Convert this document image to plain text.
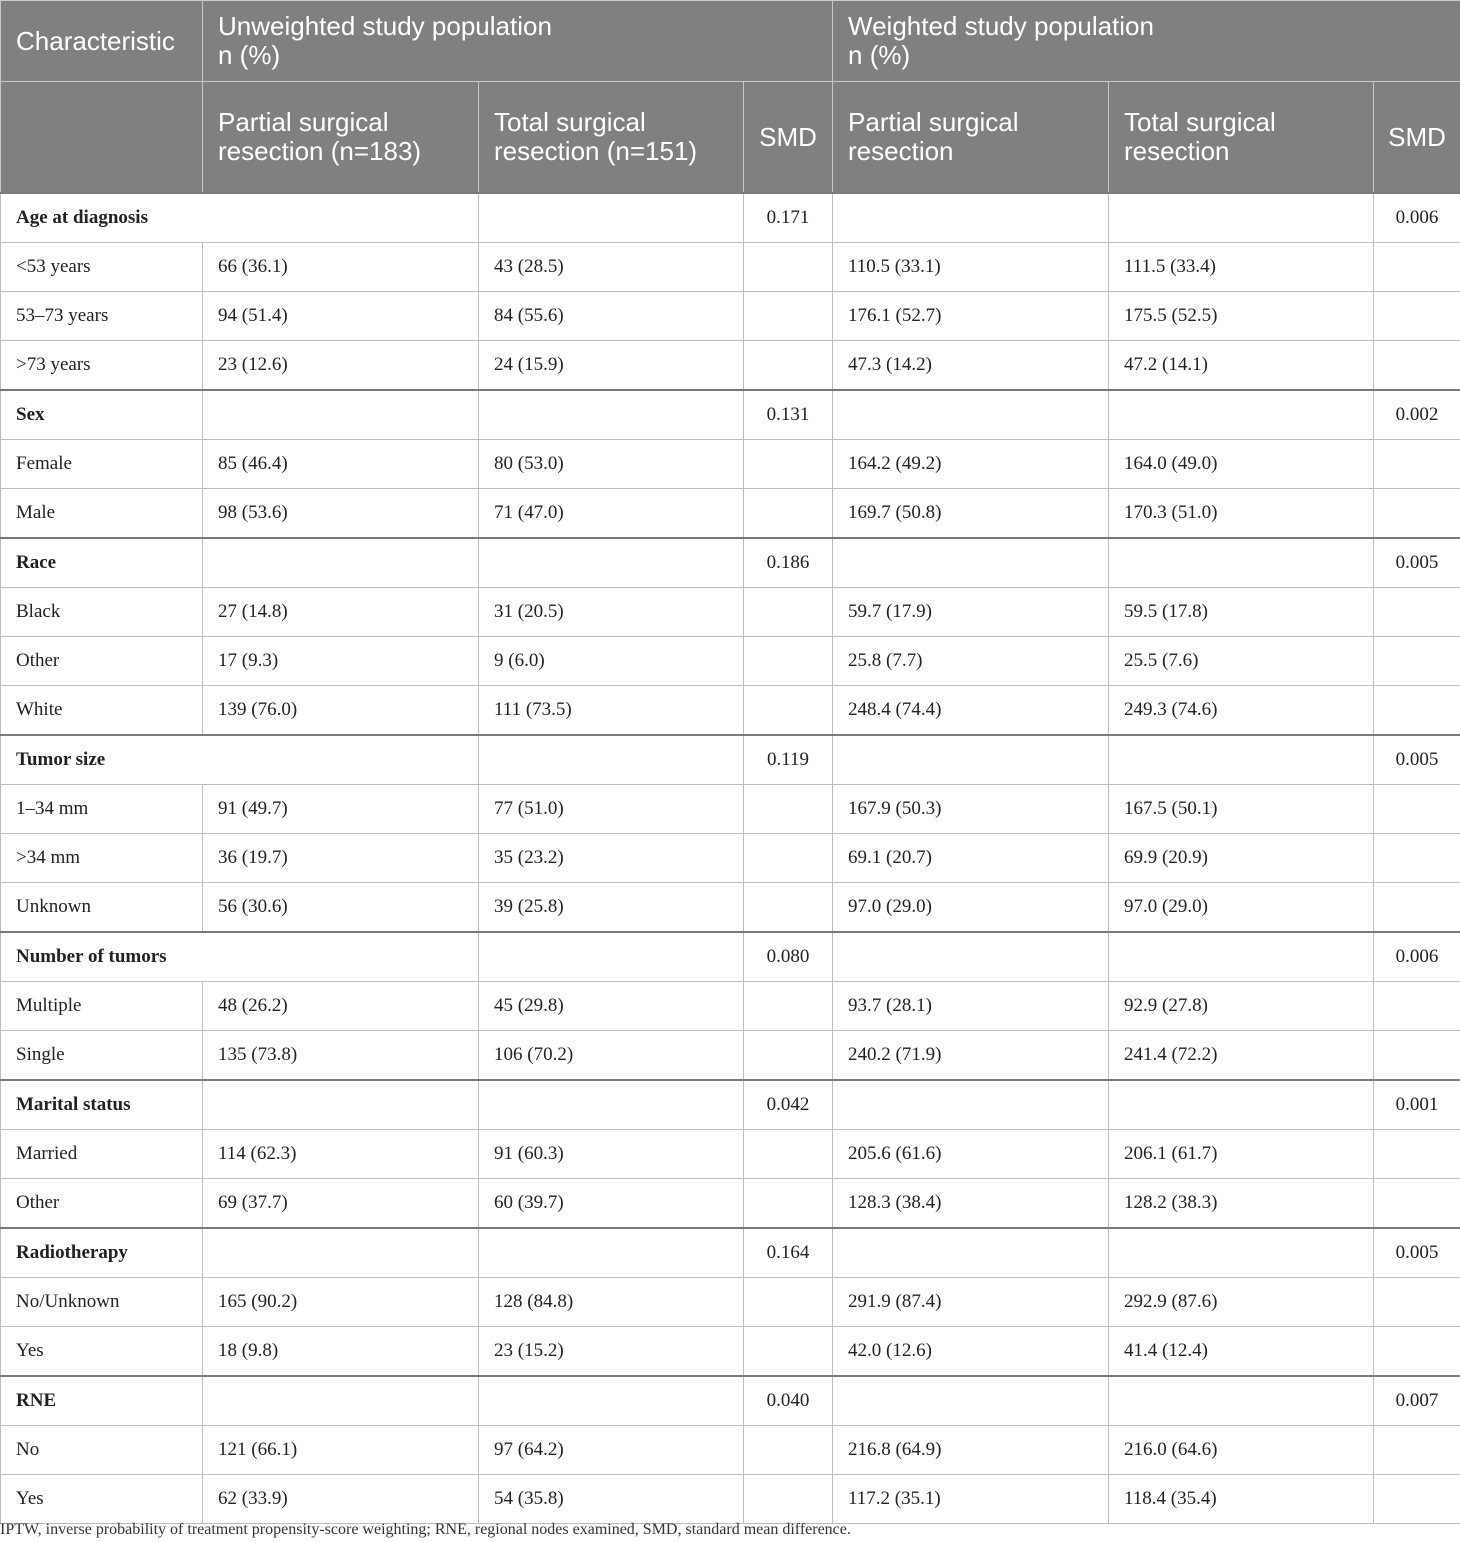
Characteristic	Unweighted study population
n (%)			Weighted study population
n (%)		
	Partial surgical resection (n=183)	Total surgical resection (n=151)	SMD	Partial surgical resection	Total surgical resection	SMD
Age at diagnosis			0.171			0.006
<53 years	66 (36.1)	43 (28.5)		110.5 (33.1)	111.5 (33.4)	
53–73 years	94 (51.4)	84 (55.6)		176.1 (52.7)	175.5 (52.5)	
>73 years	23 (12.6)	24 (15.9)		47.3 (14.2)	47.2 (14.1)	
Sex			0.131			0.002
Female	85 (46.4)	80 (53.0)		164.2 (49.2)	164.0 (49.0)	
Male	98 (53.6)	71 (47.0)		169.7 (50.8)	170.3 (51.0)	
Race			0.186			0.005
Black	27 (14.8)	31 (20.5)		59.7 (17.9)	59.5 (17.8)	
Other	17 (9.3)	9 (6.0)		25.8 (7.7)	25.5 (7.6)	
White	139 (76.0)	111 (73.5)		248.4 (74.4)	249.3 (74.6)	
Tumor size			0.119			0.005
1–34 mm	91 (49.7)	77 (51.0)		167.9 (50.3)	167.5 (50.1)	
>34 mm	36 (19.7)	35 (23.2)		69.1 (20.7)	69.9 (20.9)	
Unknown	56 (30.6)	39 (25.8)		97.0 (29.0)	97.0 (29.0)	
Number of tumors			0.080			0.006
Multiple	48 (26.2)	45 (29.8)		93.7 (28.1)	92.9 (27.8)	
Single	135 (73.8)	106 (70.2)		240.2 (71.9)	241.4 (72.2)	
Marital status			0.042			0.001
Married	114 (62.3)	91 (60.3)		205.6 (61.6)	206.1 (61.7)	
Other	69 (37.7)	60 (39.7)		128.3 (38.4)	128.2 (38.3)	
Radiotherapy			0.164			0.005
No/Unknown	165 (90.2)	128 (84.8)		291.9 (87.4)	292.9 (87.6)	
Yes	18 (9.8)	23 (15.2)		42.0 (12.6)	41.4 (12.4)	
RNE			0.040			0.007
No	121 (66.1)	97 (64.2)		216.8 (64.9)	216.0 (64.6)	
Yes	62 (33.9)	54 (35.8)		117.2 (35.1)	118.4 (35.4)	
IPTW, inverse probability of treatment propensity-score weighting; RNE, regional nodes examined, SMD, standard mean difference.
